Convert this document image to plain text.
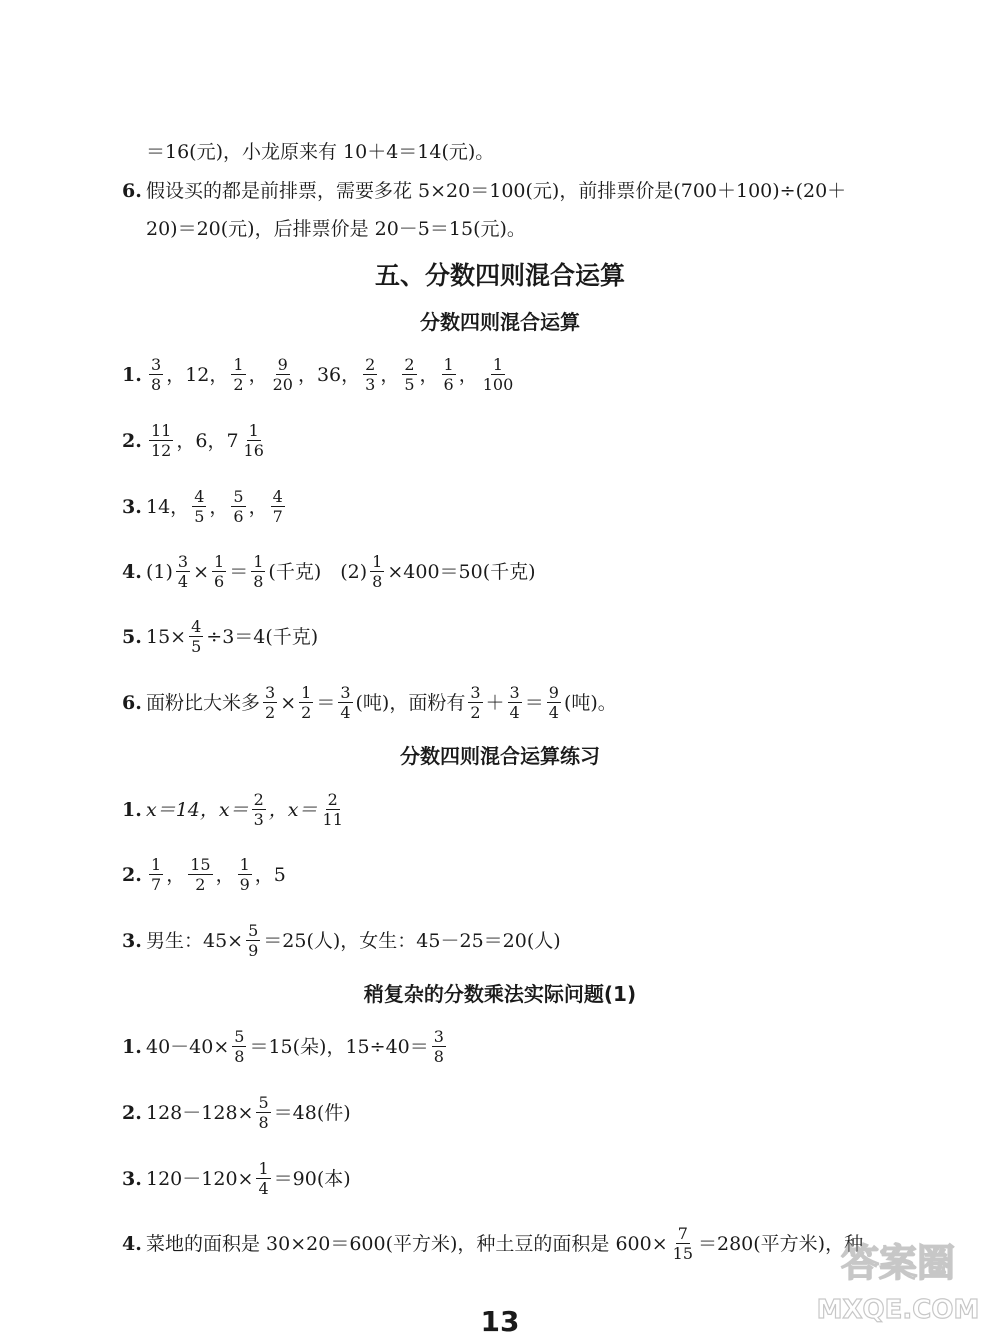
＝16(元)，小龙原来有 10＋4＝14(元)。
6. 假设买的都是前排票，需要多花 5×20＝100(元)，前排票价是(700＋100)÷(20＋
20)＝20(元)，后排票价是 20－5＝15(元)。
五、分数四则混合运算
分数四则混合运算
1. $\frac{3}{8}$ ，12， $\frac{1}{2}$ ， $\frac{9}{20}$ ，36， $\frac{2}{3}$ ， $\frac{2}{5}$ ， $\frac{1}{6}$ ， $\frac{1}{100}$
2. $\frac{11}{12}$ ，6，$7 \frac{1}{16}$
3. 14， $\frac{4}{5}$ ， $\frac{5}{6}$ ， $\frac{4}{7}$
4. $(1) \frac{3}{4} \times \frac{1}{6} = \frac{1}{8}$ (千克)　$(2) \frac{1}{8} \times 400=50$(千克)
5. $15\times \frac{4}{5} \div 3=4$(千克)
6. 面粉比大米多 $\frac{3}{2} \times \frac{1}{2} = \frac{3}{4}$ (吨)，面粉有 $\frac{3}{2} + \frac{3}{4} = \frac{9}{4}$ (吨)。
分数四则混合运算练习
1. x＝14，$x= \frac{2}{3}$ ，$x= \frac{2}{11}$
2. $\frac{1}{7}$ ， $\frac{15}{2}$ ， $\frac{1}{9}$ ，5
3. 男生：$45\times \frac{5}{9} =25$(人)，女生：45－25＝20(人)
稍复杂的分数乘法实际问题(1)
1. $40-40\times \frac{5}{8} =15$(朵)，$15\div 40= \frac{3}{8}$
2. $128-128\times \frac{5}{8} =48$(件)
3. $120-120\times \frac{1}{4} =90$(本)
4. 菜地的面积是 30×20＝600(平方米)，种土豆的面积是 $600\times \frac{7}{15} =280$(平方米)，种
13
答案圈
MXQE.COM
